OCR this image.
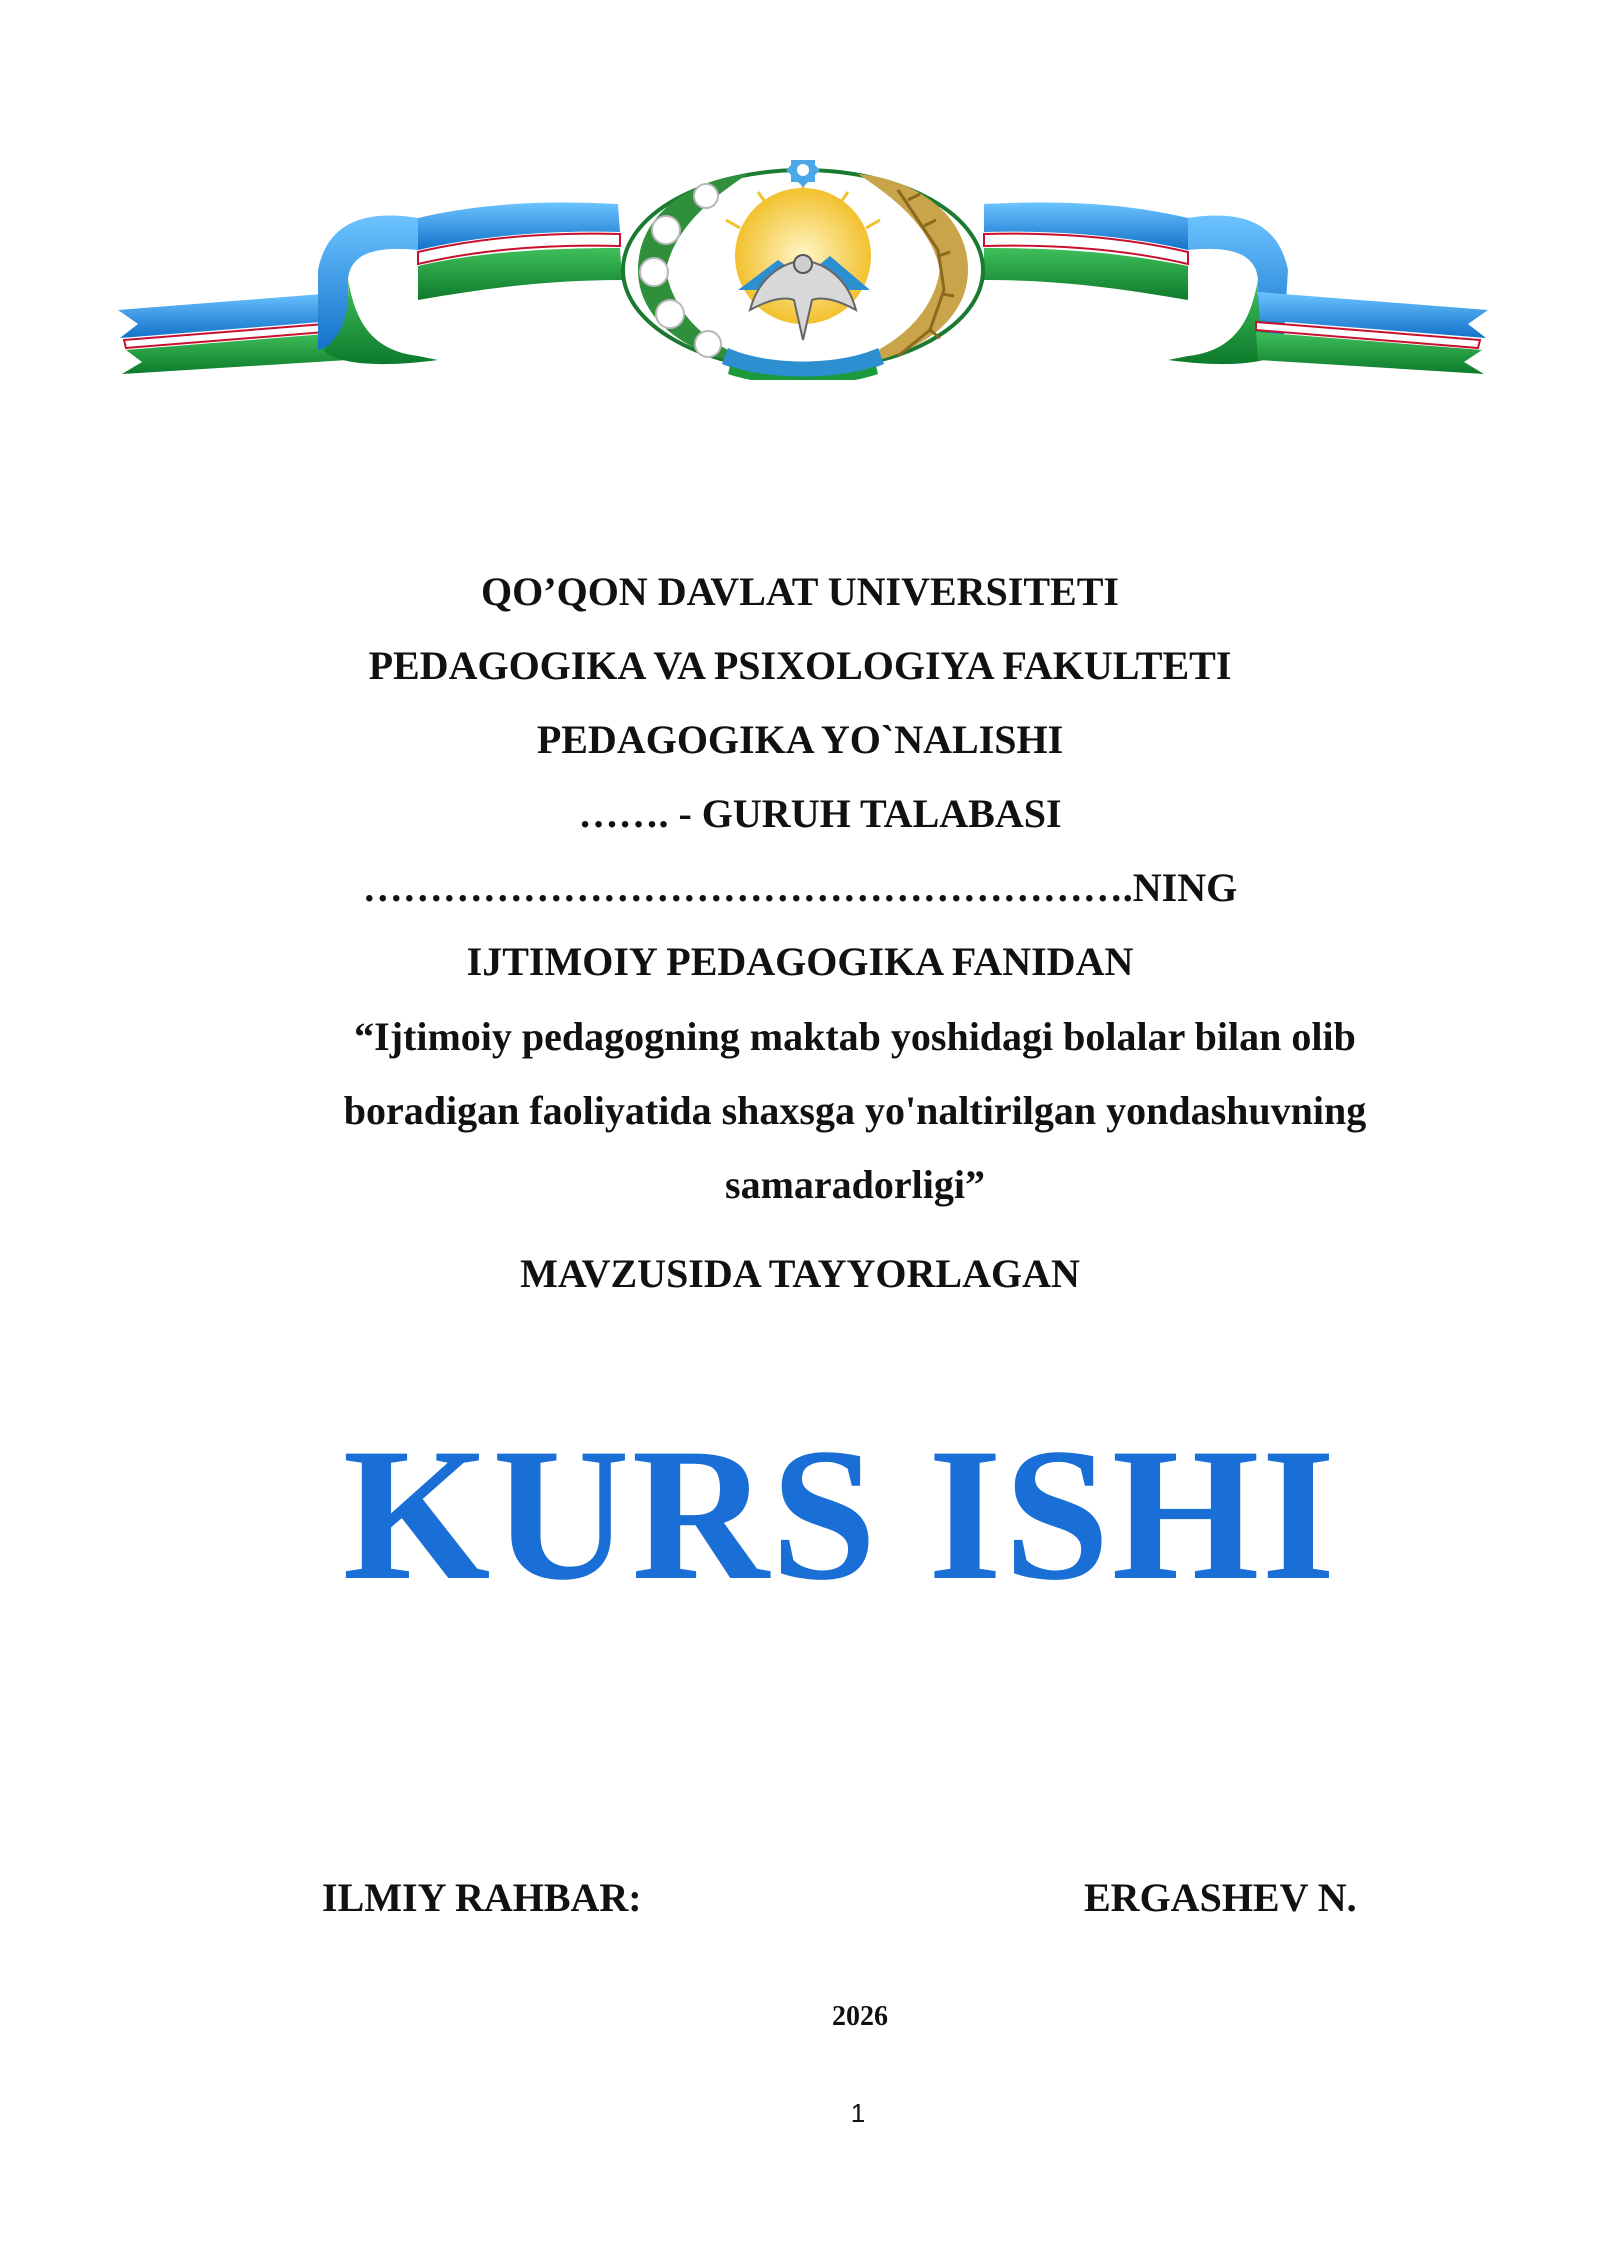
QO’QON DAVLAT UNIVERSITETI
PEDAGOGIKA VA PSIXOLOGIYA FAKULTETI
PEDAGOGIKA YO`NALISHI
……. - GURUH TALABASI
………………………………………………….NING
IJTIMOIY PEDAGOGIKA FANIDAN
“Ijtimoiy pedagogning maktab yoshidagi bolalar bilan olib
boradigan faoliyatida shaxsga yo'naltirilgan yondashuvning
samaradorligi”
MAVZUSIDA TAYYORLAGAN
KURS ISHI
ILMIY RAHBAR:	ERGASHEV N.
2026
1
